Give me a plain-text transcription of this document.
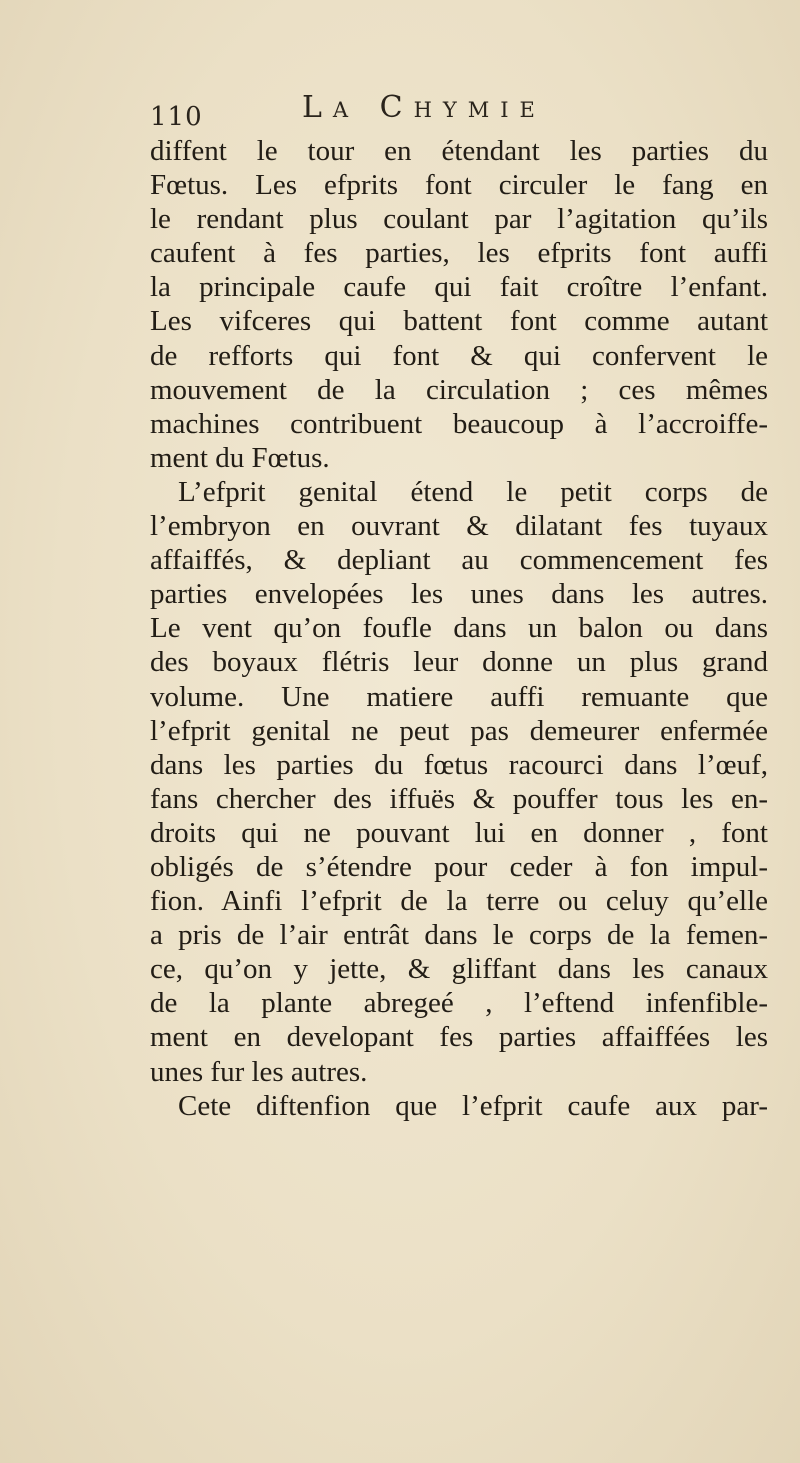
110	La Chymie
diffent le tour en étendant les parties du
Fœtus. Les efprits font circuler le fang en
le rendant plus coulant par l’agitation qu’ils
caufent à fes parties, les efprits font auffi
la principale caufe qui fait croître l’enfant.
Les vifceres qui battent font comme autant
de refforts qui font & qui confervent le
mouvement de la circulation ; ces mêmes
machines contribuent beaucoup à l’accroiffe-
ment du Fœtus.
L’efprit genital étend le petit corps de
l’embryon en ouvrant & dilatant fes tuyaux
affaiffés, & depliant au commencement fes
parties envelopées les unes dans les autres.
Le vent qu’on foufle dans un balon ou dans
des boyaux flétris leur donne un plus grand
volume. Une matiere auffi remuante que
l’efprit genital ne peut pas demeurer enfermée
dans les parties du fœtus racourci dans l’œuf,
fans chercher des iffuës & pouffer tous les en-
droits qui ne pouvant lui en donner , font
obligés de s’étendre pour ceder à fon impul-
fion. Ainfi l’efprit de la terre ou celuy qu’elle
a pris de l’air entrât dans le corps de la femen-
ce, qu’on y jette, & gliffant dans les canaux
de la plante abregeé , l’eftend infenfible-
ment en developant fes parties affaiffées les
unes fur les autres.
Cete diftenfion que l’efprit caufe aux par-
